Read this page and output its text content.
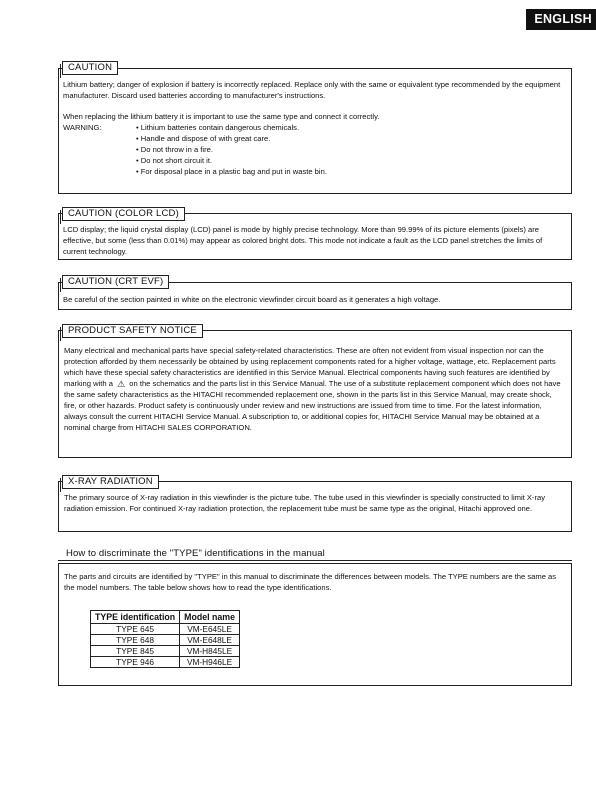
ENGLISH
Lithium battery; danger of explosion if battery is incorrectly replaced. Replace only with the same or equivalent type recommended by the equipment manufacturer. Discard used batteries according to manufacturer's instructions.
When replacing the lithium battery it is important to use the same type and connect it correctly.
WARNING:	• Lithium batteries contain dangerous chemicals.
• Handle and dispose of with great care.
• Do not throw in a fire.
• Do not short circuit it.
• For disposal place in a plastic bag and put in waste bin.
CAUTION
LCD display; the liquid crystal display (LCD) panel is mode by highly precise technology. More than 99.99% of its picture elements (pixels) are effective, but some (less than 0.01%) may appear as colored bright dots. This mode not indicate a fault as the LCD panel stretches the limits of current technology.
CAUTION (COLOR LCD)
Be careful of the section painted in white on the electronic viewfinder circuit board as it generates a high voltage.
CAUTION (CRT EVF)
Many electrical and mechanical parts have special safety-related characteristics. These are often not evident from visual inspection nor can the protection afforded by them necessarily be obtained by using replacement components rated for a higher voltage, wattage, etc. Replacement parts which have these special safety characteristics are identified in this Service Manual. Electrical components having such features are identified by marking with a ⚠ on the schematics and the parts list in this Service Manual. The use of a substitute replacement component which does not have the same safety characteristics as the HITACHI recommended replacement one, shown in the parts list in this Service Manual, may create shock, fire, or other hazards. Product safety is continuously under review and new instructions are issued from time to time. For the latest information, always consult the current HITACHI Service Manual. A subscription to, or additional copies for, HITACHI Service Manual may be obtained at a nominal charge from HITACHI SALES CORPORATION.
PRODUCT SAFETY NOTICE
The primary source of X-ray radiation in this viewfinder is the picture tube. The tube used in this viewfinder is specially constructed to limit X-ray radiation emission. For continued X-ray radiation protection, the replacement tube must be same type as the original, Hitachi approved one.
X-RAY RADIATION
How to discriminate the "TYPE" identifications in the manual
The parts and circuits are identified by "TYPE" in this manual to discriminate the differences between models. The TYPE numbers are the same as the model numbers. The table below shows how to read the type identifications.
TYPE identification	Model name
TYPE 645	VM-E645LE
TYPE 648	VM-E648LE
TYPE 845	VM-H845LE
TYPE 946	VM-H946LE
